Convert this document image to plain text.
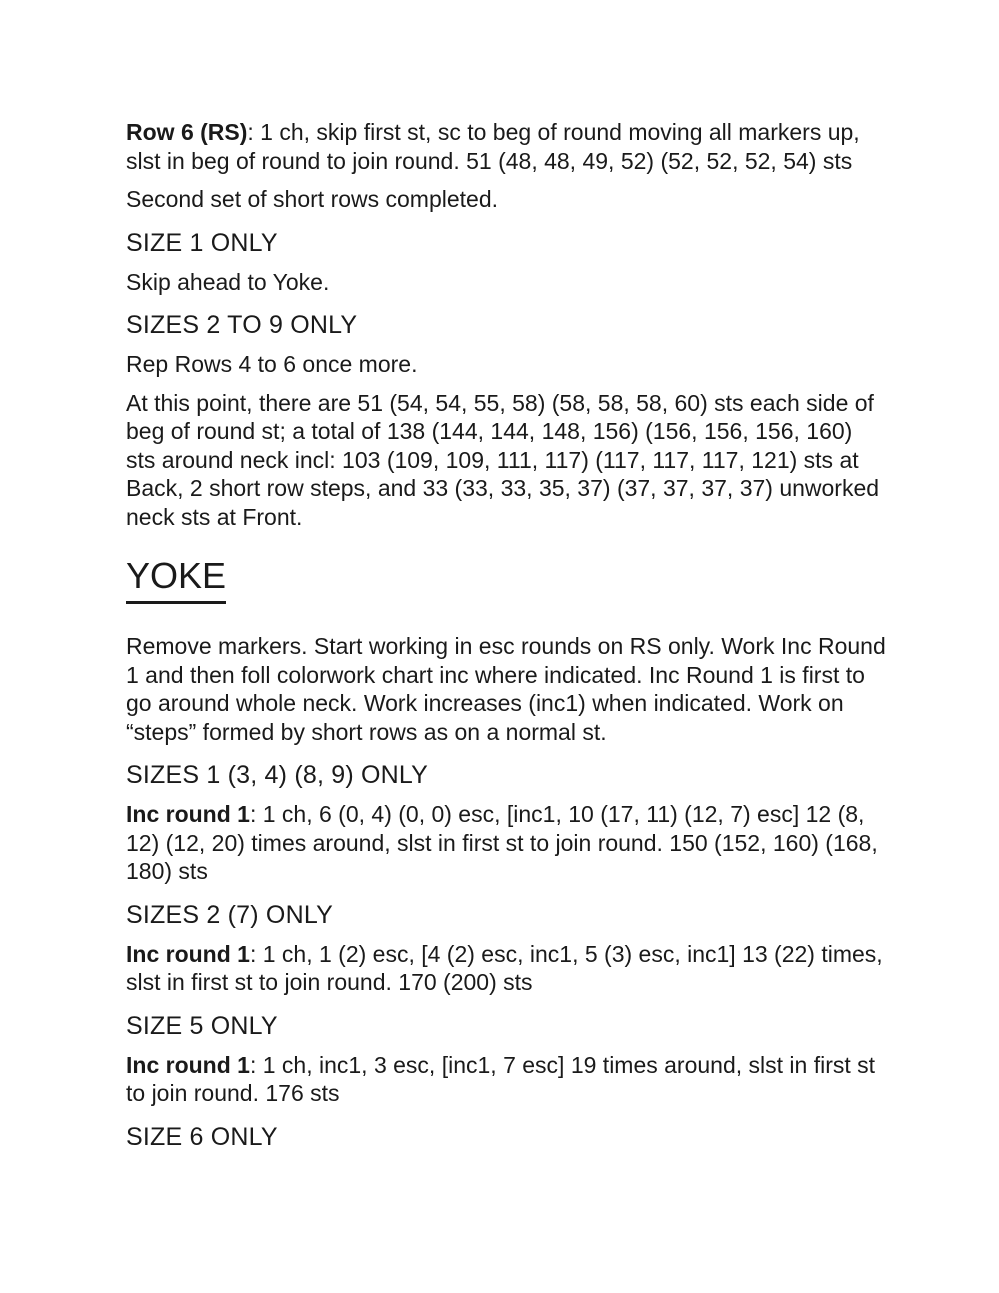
Row 6 (RS): 1 ch, skip first st, sc to beg of round moving all markers up, slst in beg of round to join round. 51 (48, 48, 49, 52) (52, 52, 52, 54) sts

Second set of short rows completed.

SIZE 1 ONLY

Skip ahead to Yoke.

SIZES 2 TO 9 ONLY

Rep Rows 4 to 6 once more.

At this point, there are 51 (54, 54, 55, 58) (58, 58, 58, 60) sts each side of beg of round st; a total of 138 (144, 144, 148, 156) (156, 156, 156, 160) sts around neck incl: 103 (109, 109, 111, 117) (117, 117, 117, 121) sts at Back, 2 short row steps, and 33 (33, 33, 35, 37) (37, 37, 37, 37) unworked neck sts at Front.

YOKE

Remove markers. Start working in esc rounds on RS only. Work Inc Round 1 and then foll colorwork chart inc where indicated. Inc Round 1 is first to go around whole neck. Work increases (inc1) when indicated. Work on “steps” formed by short rows as on a normal st.

SIZES 1 (3, 4) (8, 9) ONLY

Inc round 1: 1 ch, 6 (0, 4) (0, 0) esc, [inc1, 10 (17, 11) (12, 7) esc] 12 (8, 12) (12, 20) times around, slst in first st to join round. 150 (152, 160) (168, 180) sts

SIZES 2 (7) ONLY

Inc round 1: 1 ch, 1 (2) esc, [4 (2) esc, inc1, 5 (3) esc, inc1] 13 (22) times, slst in first st to join round. 170 (200) sts

SIZE 5 ONLY

Inc round 1: 1 ch, inc1, 3 esc, [inc1, 7 esc] 19 times around, slst in first st to join round. 176 sts

SIZE 6 ONLY
